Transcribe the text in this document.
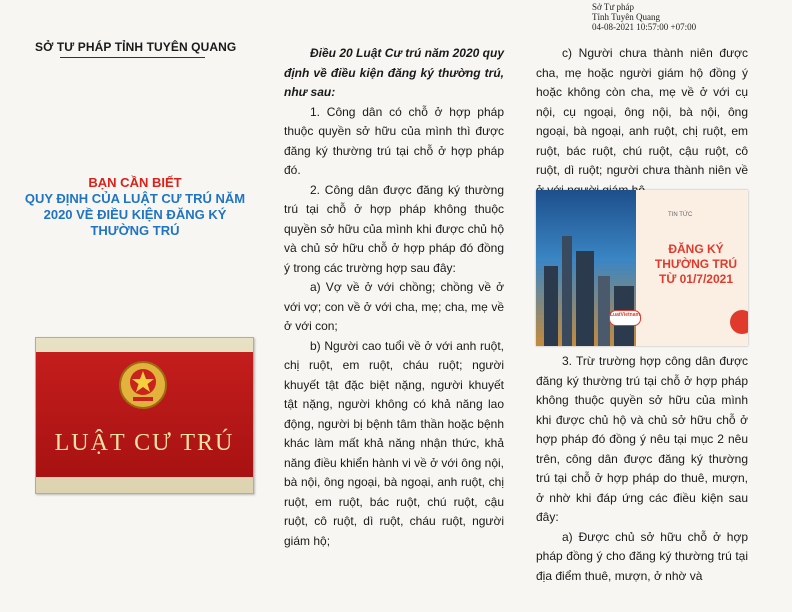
Sở Tư pháp
Tỉnh Tuyên Quang
04-08-2021 10:57:00 +07:00
SỞ TƯ PHÁP TỈNH TUYÊN QUANG
BẠN CẦN BIẾT
QUY ĐỊNH CỦA LUẬT CƯ TRÚ NĂM 2020 VỀ ĐIỀU KIỆN ĐĂNG KÝ THƯỜNG TRÚ
LUẬT CƯ TRÚ

Điều 20 Luật Cư trú năm 2020 quy định về điều kiện đăng ký thường trú, như sau:

1. Công dân có chỗ ở hợp pháp thuộc quyền sở hữu của mình thì được đăng ký thường trú tại chỗ ở hợp pháp đó.

2. Công dân được đăng ký thường trú tại chỗ ở hợp pháp không thuộc quyền sở hữu của mình khi được chủ hộ và chủ sở hữu chỗ ở hợp pháp đó đồng ý trong các trường hợp sau đây:

a) Vợ về ở với chồng; chồng về ở với vợ; con về ở với cha, mẹ; cha, mẹ về ở với con;

b) Người cao tuổi về ở với anh ruột, chị ruột, em ruột, cháu ruột; người khuyết tật đặc biệt nặng, người khuyết tật nặng, người không có khả năng lao động, người bị bệnh tâm thần hoặc bệnh khác làm mất khả năng nhận thức, khả năng điều khiển hành vi về ở với ông nội, bà nội, ông ngoại, bà ngoại, anh ruột, chị ruột, em ruột, bác ruột, chú ruột, cậu ruột, cô ruột, dì ruột, cháu ruột, người giám hộ;

c) Người chưa thành niên được cha, mẹ hoặc người giám hộ đồng ý hoặc không còn cha, mẹ về ở với cụ nội, cụ ngoại, ông nội, bà nội, ông ngoại, bà ngoại, anh ruột, chị ruột, em ruột, bác ruột, chú ruột, cậu ruột, cô ruột, dì ruột; người chưa thành niên về

TIN TỨC
ĐĂNG KÝ THƯỜNG TRÚ TỪ 01/7/2021
LuatVietnam

3. Trừ trường hợp công dân được đăng ký thường trú tại chỗ ở hợp pháp không thuộc quyền sở hữu của mình khi được chủ hộ và chủ sở hữu chỗ ở hợp pháp đó đồng ý nêu tại mục 2 nêu trên, công dân được đăng ký thường trú tại chỗ ở hợp pháp do thuê, mượn, ở nhờ khi đáp ứng các điều kiện sau đây:

a) Được chủ sở hữu chỗ ở hợp pháp đồng ý cho đăng ký thường trú tại địa điểm thuê, mượn, ở nhờ và
